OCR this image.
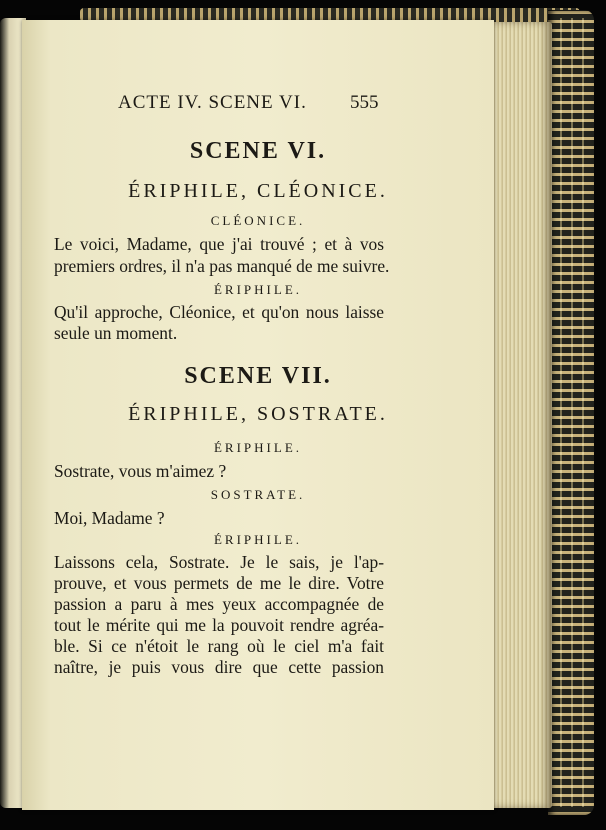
ACTE IV. SCENE VI. 555
SCENE VI.
ÉRIPHILE, CLÉONICE.
CLÉONICE.
Le voici, Madame, que j'ai trouvé ; et à vos
premiers ordres, il n'a pas manqué de me suivre.
ÉRIPHILE.
Qu'il approche, Cléonice, et qu'on nous laisse
seule un moment.
SCENE VII.
ÉRIPHILE, SOSTRATE.
ÉRIPHILE.
Sostrate, vous m'aimez ?
SOSTRATE.
Moi, Madame ?
ÉRIPHILE.
Laissons cela, Sostrate. Je le sais, je l'ap-
prouve, et vous permets de me le dire. Votre
passion a paru à mes yeux accompagnée de
tout le mérite qui me la pouvoit rendre agréa-
ble. Si ce n'étoit le rang où le ciel m'a fait
naître, je puis vous dire que cette passion
